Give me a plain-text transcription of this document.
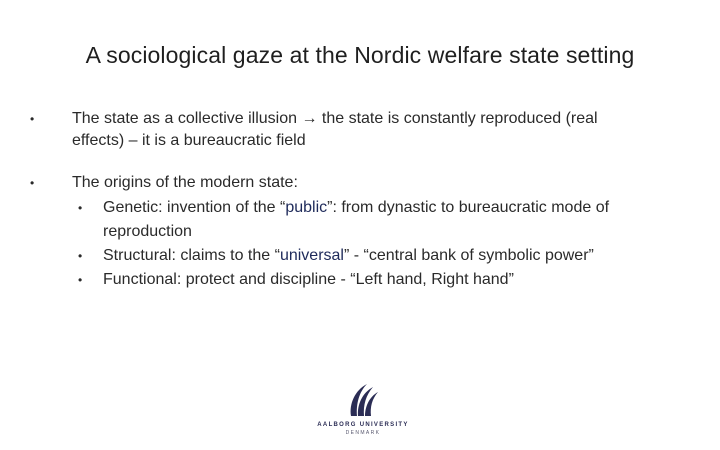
A sociological gaze at the Nordic welfare state setting
• The state as a collective illusion → the state is constantly reproduced (real
effects) – it is a bureaucratic field
• The origins of the modern state:
• Genetic: invention of the “public”: from dynastic to bureaucratic mode of
reproduction
• Structural: claims to the “universal” - “central bank of symbolic power”
• Functional: protect and discipline - “Left hand, Right hand”
AALBORG UNIVERSITY
DENMARK
